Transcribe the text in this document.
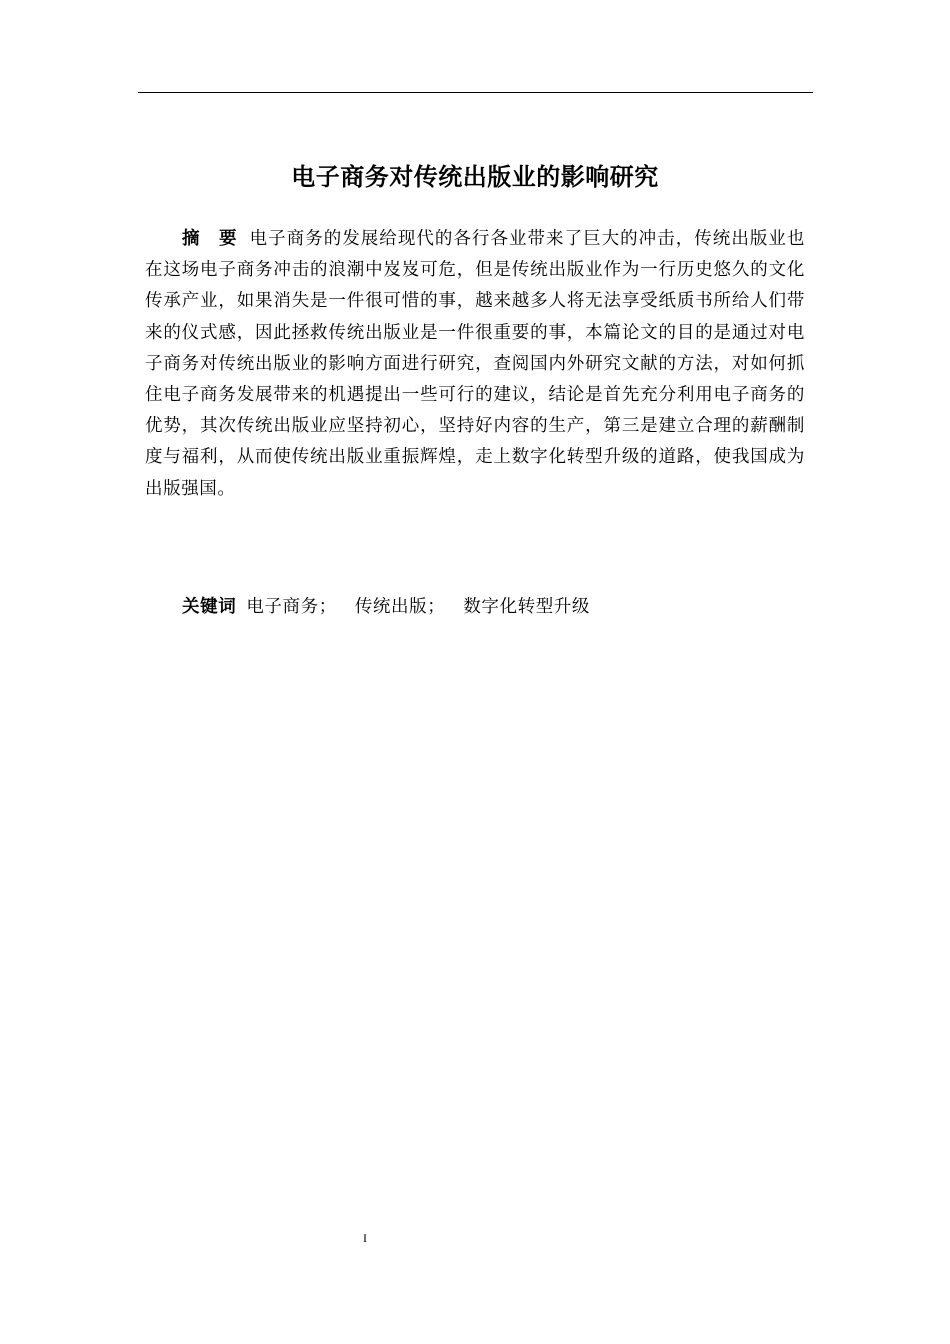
电子商务对传统出版业的影响研究

摘　要 电子商务的发展给现代的各行各业带来了巨大的冲击，传统出版业也在这场电子商务冲击的浪潮中岌岌可危，但是传统出版业作为一行历史悠久的文化传承产业，如果消失是一件很可惜的事，越来越多人将无法享受纸质书所给人们带来的仪式感，因此拯救传统出版业是一件很重要的事，本篇论文的目的是通过对电子商务对传统出版业的影响方面进行研究，查阅国内外研究文献的方法，对如何抓住电子商务发展带来的机遇提出一些可行的建议，结论是首先充分利用电子商务的优势，其次传统出版业应坚持初心，坚持好内容的生产，第三是建立合理的薪酬制度与福利，从而使传统出版业重振辉煌，走上数字化转型升级的道路，使我国成为出版强国。

关键词 电子商务； 传统出版； 数字化转型升级

I
